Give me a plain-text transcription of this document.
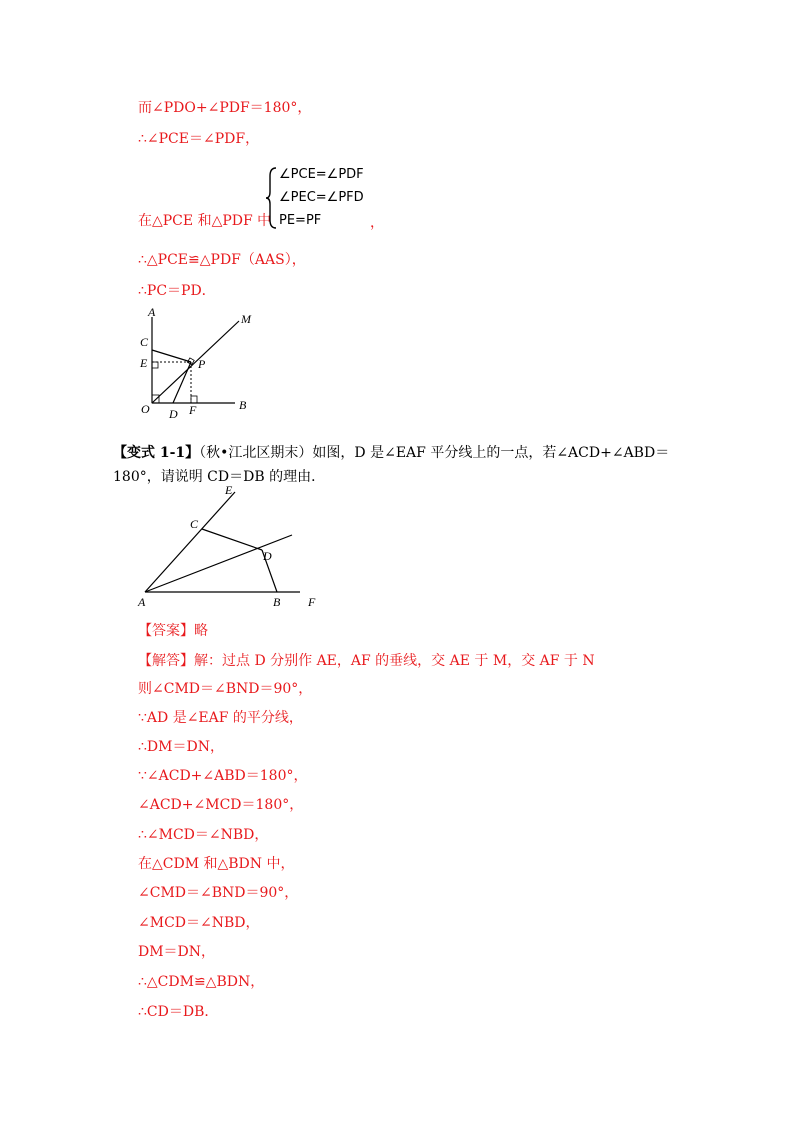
而∠PDO+∠PDF＝180°，
∴∠PCE＝∠PDF，
在△PCE 和△PDF 中
∠PCE=∠PDF
∠PEC=∠PFD
PE=PF	，
∴△PCE≌△PDF（AAS），
∴PC＝PD．
A	M
C
E	P
O D F	B
【变式 1-1】（秋•江北区期末）如图，D 是∠EAF 平分线上的一点，若∠ACD+∠ABD＝
180°，请说明 CD＝DB 的理由．
E
C
D
A	B F
【答案】略
【解答】解：过点 D 分别作 AE，AF 的垂线，交 AE 于 M，交 AF 于 N
则∠CMD＝∠BND＝90°，
∵AD 是∠EAF 的平分线，
∴DM＝DN，
∵∠ACD+∠ABD＝180°，
∠ACD+∠MCD＝180°，
∴∠MCD＝∠NBD，
在△CDM 和△BDN 中，
∠CMD＝∠BND＝90°，
∠MCD＝∠NBD，
DM＝DN，
∴△CDM≌△BDN，
∴CD＝DB．
